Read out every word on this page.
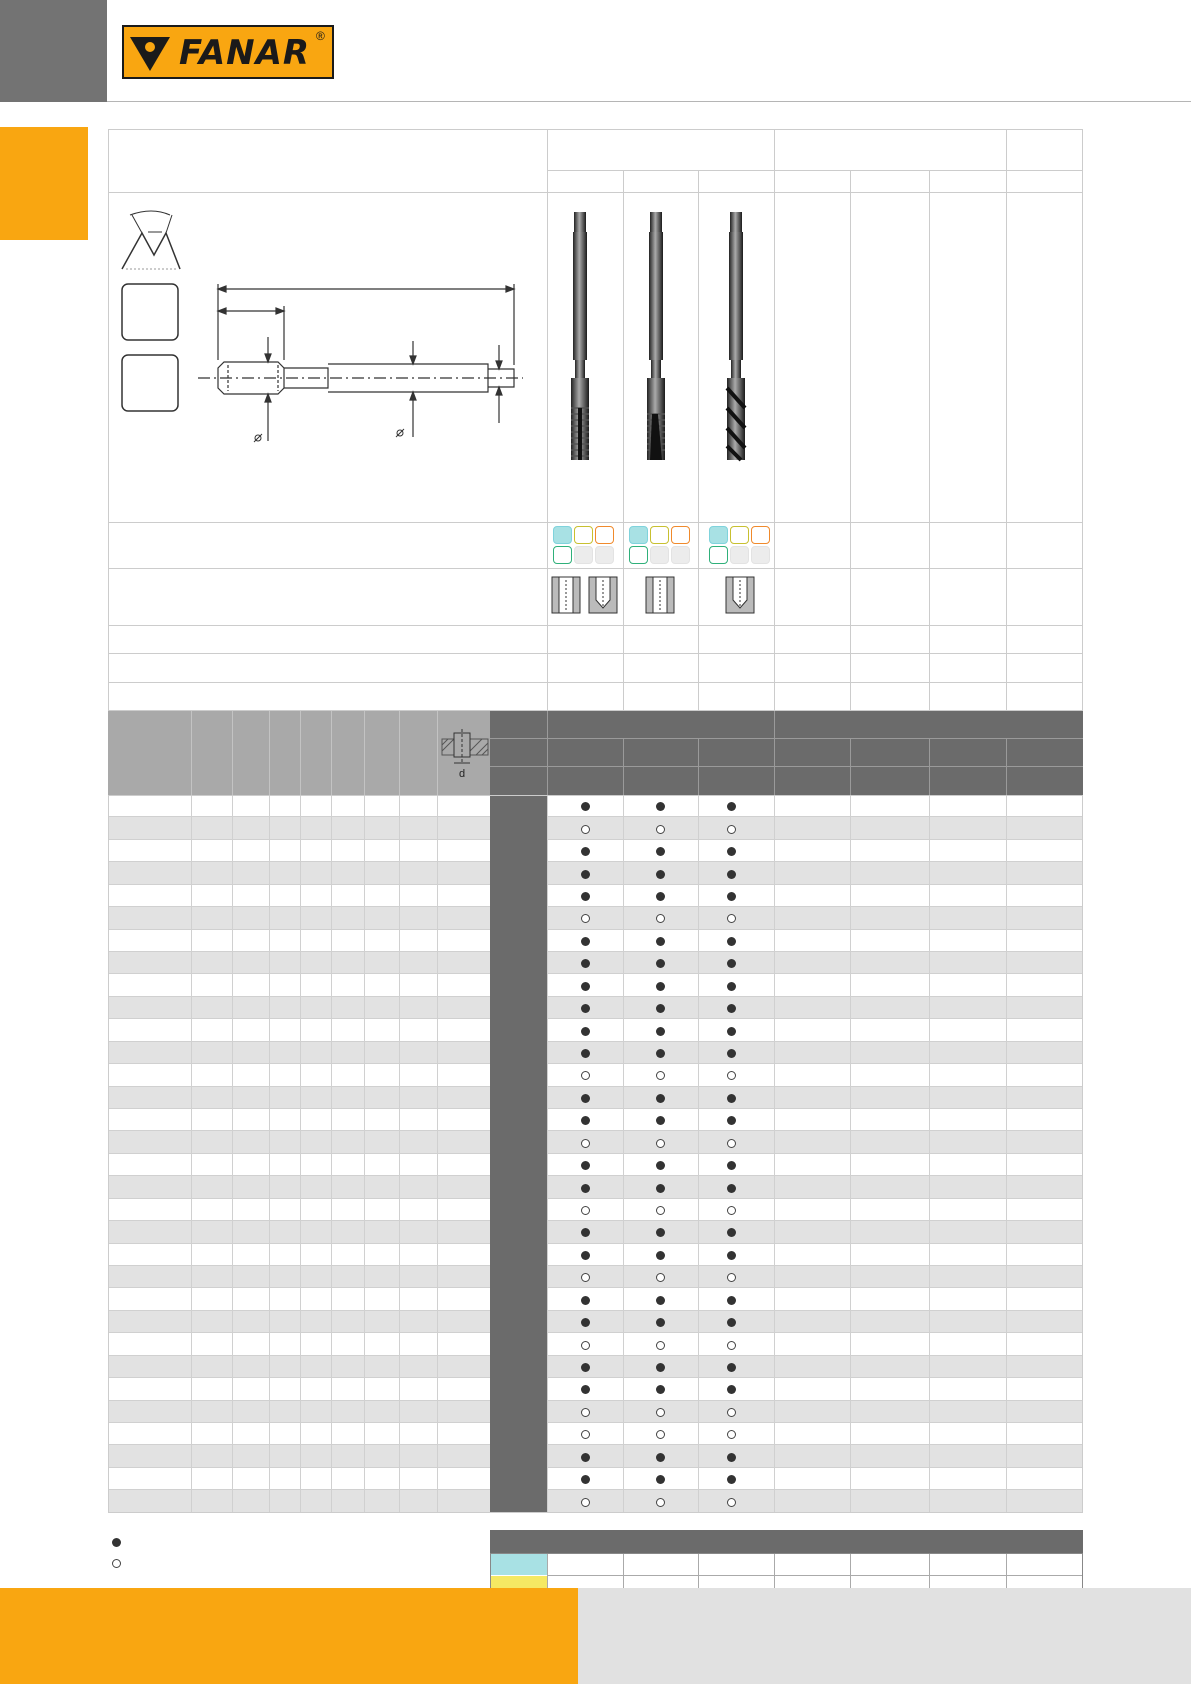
FANAR ®
d
